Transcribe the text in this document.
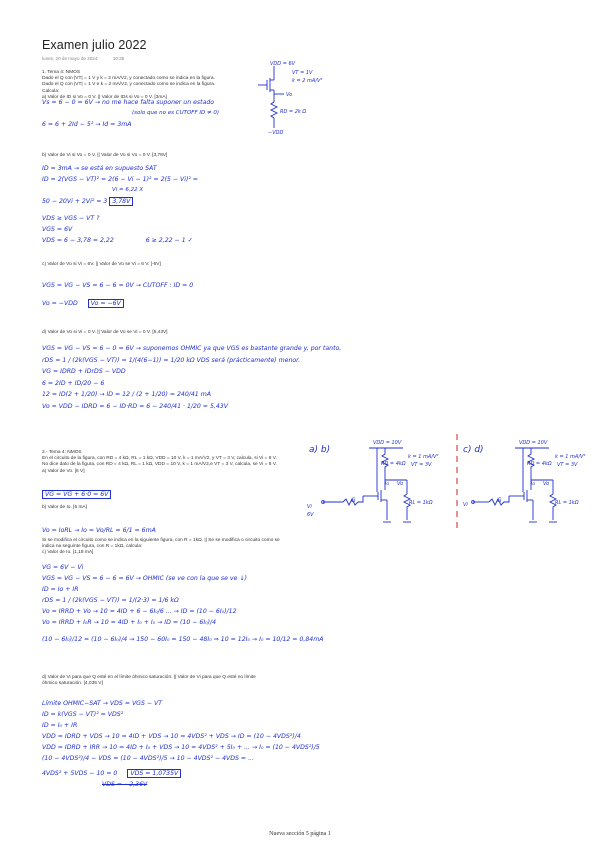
Examen julio 2022
lunes, 20 de mayo de 2024	10:35
1. Tema 4: NMOS
Dado el Q con |VT| = 1 V y k = 2 mA/V2, y conectado como se indica en la figura.
Dado el Q con |VT| = 1 V e k = 2 mA/V2, y conectado como se indica en la figura.
Calcula:
a) Valor de ID si Vo = 0 V. || Valor de IDs si Vo = 0 V. [3mA]
VDD = 6V
VT = 1V
k = 2 mA/V²
RD = 2k Ω
Vo
−VDD
Vs = 6 − 0 = 6V → no me hace falta suponer un estado
(solo que no es CUTOFF ID ≠ 0)
6 = 6 + 2Id − 5² → Id = 3mA
b) Valor de Vi si Vo = 0 V. || Valor de Vo si Vo = 0 V. [3,78V]
ID = 3mA → se está en supuesto SAT
ID = 2(VGS − VT)² = 2(6 − Vi − 1)² = 2(5 − Vi)² =
Vi = 6,22 X
50 − 20Vi + 2Vi² = 3 3,78V
VDS ≥ VGS − VT ?
VGS = 6V
VDS = 6 − 3,78 = 2,22	6 ≥ 2,22 − 1 ✓
c) Valor de Vo si Vi = 6V. || Valor de Vo se Vi = 6 V. [-6V]
VGS = VG − VS = 6 − 6 = 0V → CUTOFF : ID = 0
Vo = −VDD Vo = −6V
d) Valor de Vo si Vi = 0 V. || Valor de Vo se Vi = 0 V. [5,43V]
VGS = VG − VS = 6 − 0 = 6V → suponemos OHMIC ya que VGS es bastante grande y, por tanto,
rDS = 1 / (2k(VGS − VT)) = 1/(4(6−1)) = 1/20 kΩ VDS será (prácticamente) menor.
VG = IDRD + IDrDS − VDD
6 = 2ID + ID/20 − 6
12 = ID(2 + 1/20) → ID = 12 / (2 + 1/20) = 240/41 mA
Vo = VDD − IDRD = 6 − ID·RD = 6 − 240/41 · 1/20 = 5,43V
2.- Tema 4: NMOS
En el circuito de la figura, con RD = 4 kΩ, RL = 1 kΩ, VDD = 10 V, k = 1 mA/V2, y VT = 3 V, calcula, si Vi = 6 V.
No dice dato de la figura, con RD = 4 kΩ, RL = 1 kΩ, VDD = 10 V, k = 1 mA/V2,e VT = 3 V, calcula, se Vi = 6 V.
a) Valor de Vo. [6 V]
VG = VG + 6·0 = 6V
b) Valor de Io. [6 mA]
Vo = IoRL → Io = Vo/RL = 6/1 = 6mA
Si se modifica el circuito como se indica en la siguiente figura, con R = 1kΩ. || Se se modifica o circuito como se
indica na seguinte figura, con R = 1kΩ, calcula:
c) Valor de Io. [1,18 mA]
VG = 6V − Vi
VGS = VG − VS = 6 − 6 = 6V → OHMIC (se ve con la que se ve ↓)
ID = Io + IR
rDS = 1 / (2k(VGS − VT)) = 1/(2·3) = 1/6 kΩ
Vo = IRRD + Vo → 10 = 4ID + 6 − 6I₀/6 ... → ID = (10 − 6I₀)/12
Vo = IRRD + I₀R → 10 = 4ID + I₀ + I₀ → ID = (10 − 6I₀)/4
(10 − 6I₀)/12 = (10 − 6I₀)/4 → 150 − 60I₀ = 150 − 48I₀ ⇒ 10 = 12I₀ → I₀ = 10/12 = 0,84mA
d) Valor de Vi para que Q esté en el límite óhmico saturación. || Valor de Vi para que Q esté no límite
óhmico saturación. [4,035 V]
Límite OHMIC−SAT → VDS = VGS − VT
ID = k(VGS − VT)² = VDS²
ID = I₀ + IR
VDD = IDRD + VDS → 10 = 4ID + VDS → 10 = 4VDS² + VDS → ID = (10 − 4VDS²)/4
VDD = IDRD + IRR → 10 = 4ID + I₀ + VDS → 10 = 4VDS² + 5I₀ + ... → I₀ = (10 − 4VDS²)/5
(10 − 4VDS²)/4 − VDS = (10 − 4VDS²)/5 → 10 − 4VDS² − 4VDS = ...
4VDS² + 5VDS − 10 = 0 VDS = 1,0735V
VDS = −2,36V
a) b)
VDD = 10V
k = 1 mA/V²
VT = 3V
RD = 4kΩ
Vo
Io
RL = 1kΩ
Vi
6V
G
c) d)
VDD = 10V
k = 1 mA/V²
VT = 3V
RD = 4kΩ
Vo
Io
RL = 1kΩ
Vi
G
Nueva sección 5 página 1
